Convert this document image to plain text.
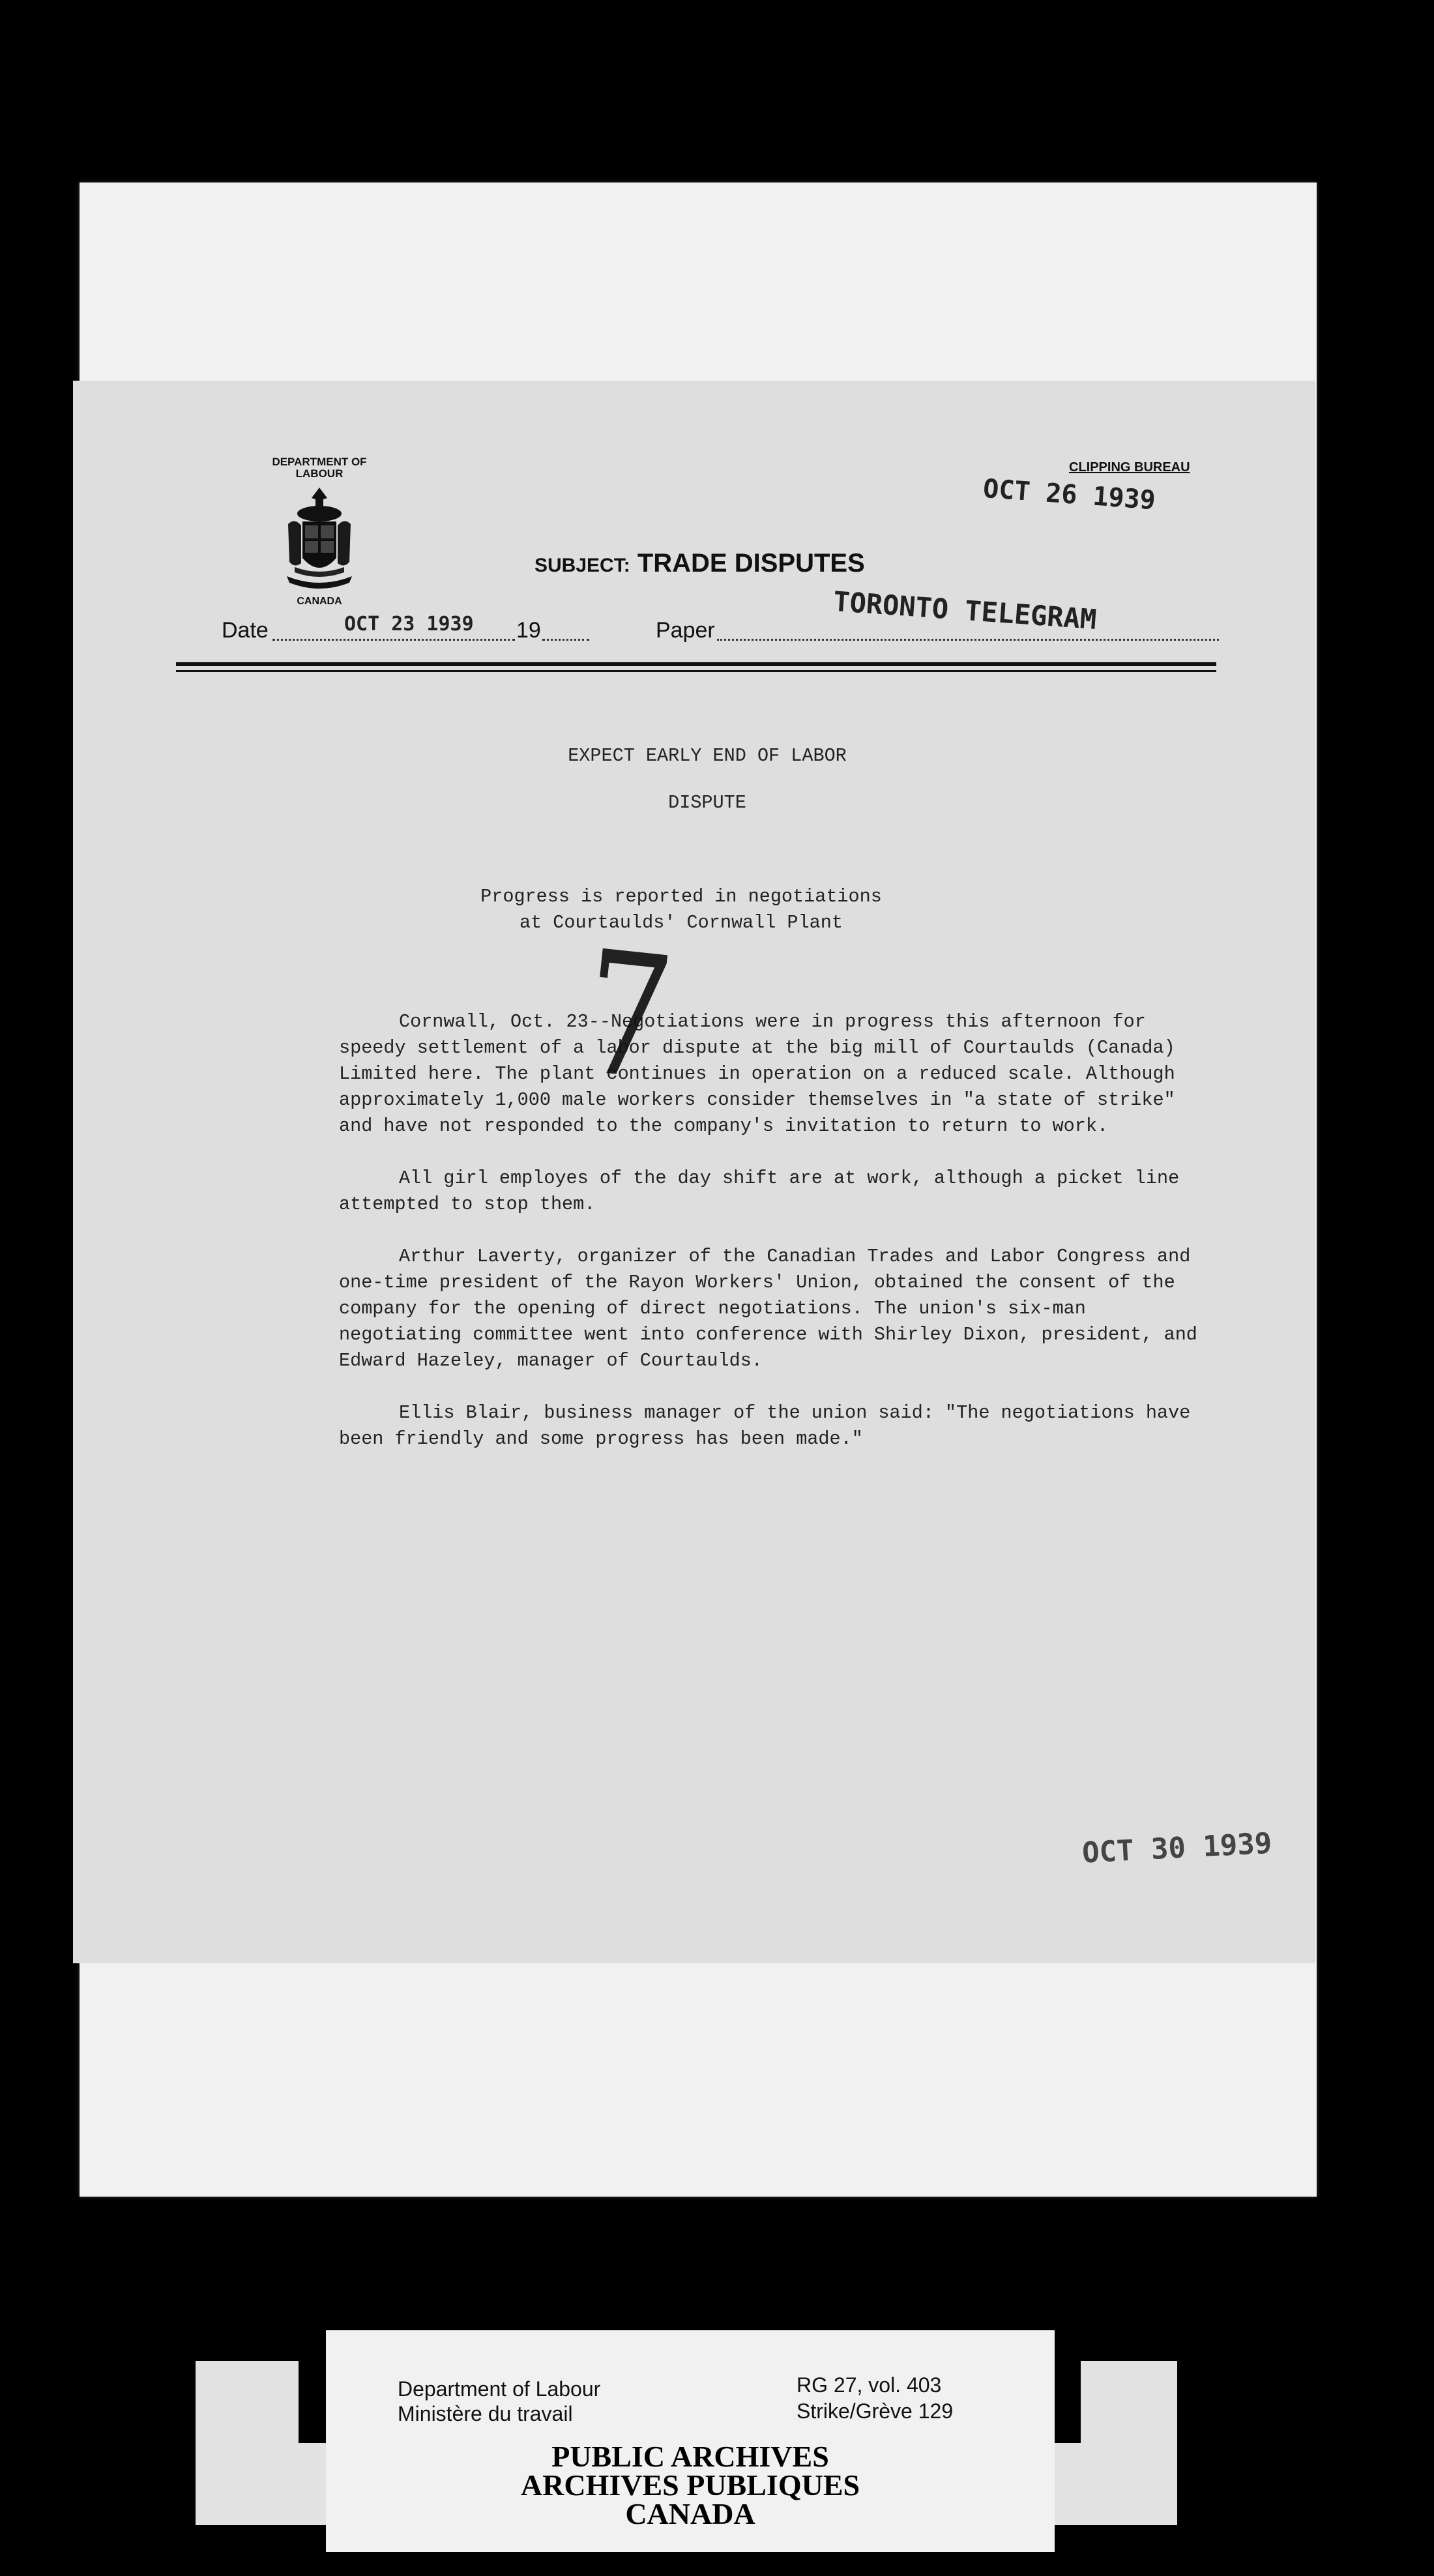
DEPARTMENT OF LABOUR
CANADA
CLIPPING BUREAU
OCT 26 1939
SUBJECT: TRADE DISPUTES
TORONTO TELEGRAM
Date	19	Paper
OCT 23 1939
EXPECT EARLY END OF LABOR
DISPUTE
Progress is reported in negotiations
at Courtaulds' Cornwall Plant

Cornwall, Oct. 23--Negotiations were in progress this afternoon for speedy settlement of a labor dispute at the big mill of Courtaulds (Canada) Limited here. The plant continues in operation on a reduced scale. Although approximately 1,000 male workers consider themselves in "a state of strike" and have not responded to the company's invitation to return to work.

All girl employes of the day shift are at work, although a picket line attempted to stop them.

Arthur Laverty, organizer of the Canadian Trades and Labor Congress and one-time president of the Rayon Workers' Union, obtained the consent of the company for the opening of direct negotiations. The union's six-man negotiating committee went into conference with Shirley Dixon, president, and Edward Hazeley, manager of Courtaulds.

Ellis Blair, business manager of the union said: "The negotiations have been friendly and some progress has been made."

7
OCT 30 1939
Department of Labour
Ministère du travail
RG 27, vol. 403
Strike/Grève 129
PUBLIC ARCHIVES
ARCHIVES PUBLIQUES
CANADA
